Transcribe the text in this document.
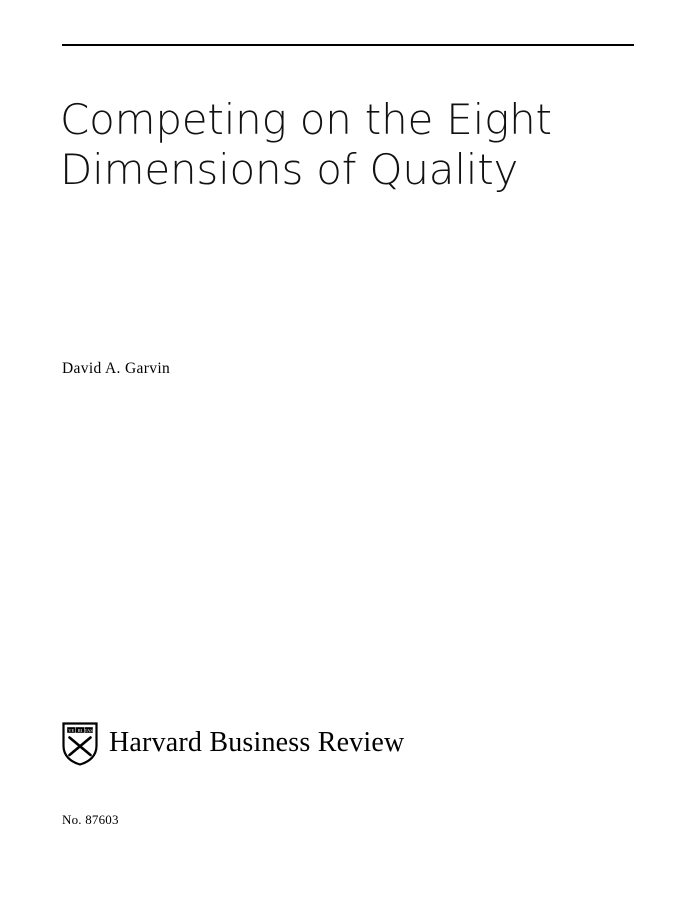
Competing on the Eight
Dimensions of Quality
David A. Garvin
VE RI TAS Harvard Business Review
No. 87603
